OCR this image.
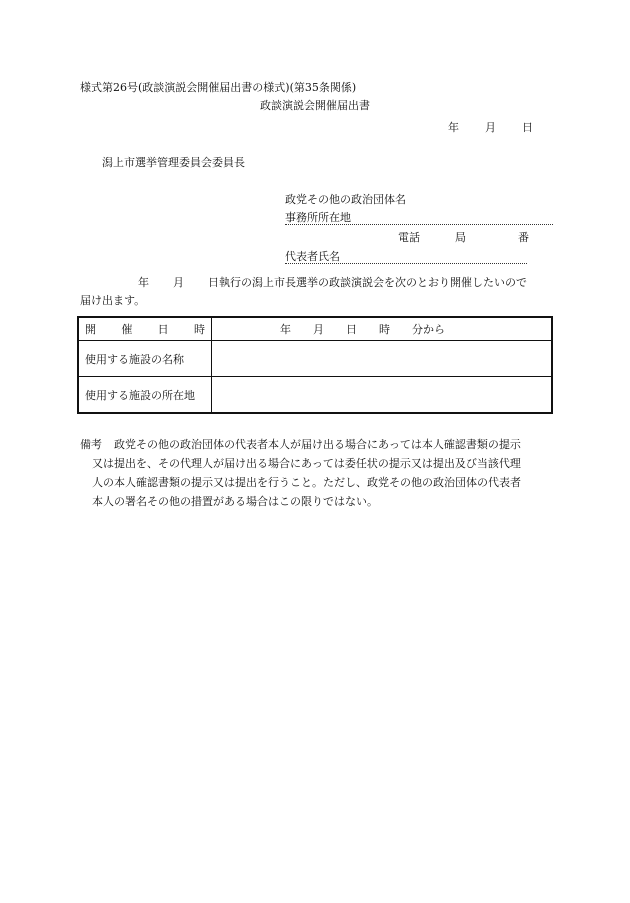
様式第26号(政談演説会開催届出書の様式)(第35条関係)
政談演説会開催届出書
年 月 日
潟上市選挙管理委員会委員長
政党その他の政治団体名
事務所所在地
電話	局	番
代表者氏名
年 月 日執行の潟上市長選挙の政談演説会を次のとおり開催したいので
届け出ます。
開 催 日 時	年 月 日 時 分から

使用する施設の名称	
使用する施設の所在地	
備考 政党その他の政治団体の代表者本人が届け出る場合にあっては本人確認書類の提示
又は提出を、その代理人が届け出る場合にあっては委任状の提示又は提出及び当該代理
人の本人確認書類の提示又は提出を行うこと。ただし、政党その他の政治団体の代表者
本人の署名その他の措置がある場合はこの限りではない。
